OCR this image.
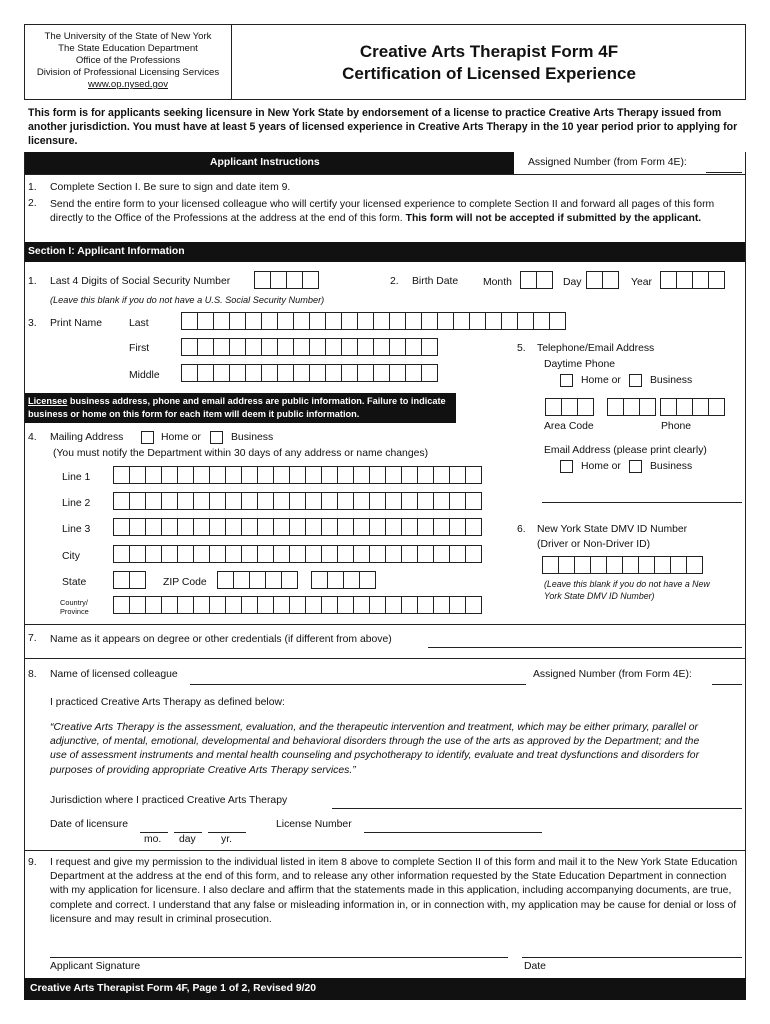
The University of the State of New York
The State Education Department
Office of the Professions
Division of Professional Licensing Services
www.op.nysed.gov
Creative Arts Therapist Form 4F
Certification of Licensed Experience
This form is for applicants seeking licensure in New York State by endorsement of a license to practice Creative Arts Therapy issued from another jurisdiction. You must have at least 5 years of licensed experience in Creative Arts Therapy in the 10 year period prior to applying for licensure.
Applicant Instructions	Assigned Number (from Form 4E):
1. Complete Section I. Be sure to sign and date item 9.
2. Send the entire form to your licensed colleague who will certify your licensed experience to complete Section II and forward all pages of this form directly to the Office of the Professions at the address at the end of this form. This form will not be accepted if submitted by the applicant.
Section I: Applicant Information
1. Last 4 Digits of Social Security Number
(Leave this blank if you do not have a U.S. Social Security Number)
2. Birth Date Month	Day	Year
3. Print Name	Last
First
Middle
Licensee business address, phone and email address are public information. Failure to indicate business or home on this form for each item will deem it public information.
5. Telephone/Email Address
Daytime Phone
Home or	Business
Area Code	Phone
Email Address (please print clearly)
Home or	Business
4. Mailing Address	Home or	Business
(You must notify the Department within 30 days of any address or name changes)
Line 1
Line 2
Line 3
City
State	ZIP Code
Country/ Province
6. New York State DMV ID Number
(Driver or Non-Driver ID)
(Leave this blank if you do not have a New York State DMV ID Number)
7. Name as it appears on degree or other credentials (if different from above)
8. Name of licensed colleague	Assigned Number (from Form 4E):
I practiced Creative Arts Therapy as defined below:
“Creative Arts Therapy is the assessment, evaluation, and the therapeutic intervention and treatment, which may be either primary, parallel or adjunctive, of mental, emotional, developmental and behavioral disorders through the use of the arts as approved by the Department; and the use of assessment instruments and mental health counseling and psychotherapy to identify, evaluate and treat dysfunctions and disorders for purposes of providing appropriate Creative Arts Therapy services.”
Jurisdiction where I practiced Creative Arts Therapy
Date of licensure
mo. day yr.
License Number
9. I request and give my permission to the individual listed in item 8 above to complete Section II of this form and mail it to the New York State Education Department at the address at the end of this form, and to release any other information requested by the State Education Department in connection with my application for licensure. I also declare and affirm that the statements made in this application, including accompanying documents, are true, complete and correct. I understand that any false or misleading information in, or in connection with, my application may be cause for denial or loss of licensure and may result in criminal prosecution.
Applicant Signature	Date
Creative Arts Therapist Form 4F, Page 1 of 2, Revised 9/20
